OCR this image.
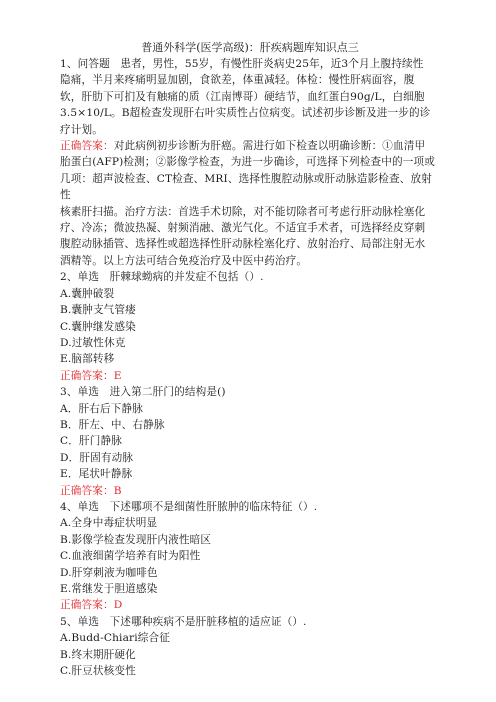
普通外科学(医学高级)：肝疾病题库知识点三
1、问答题   患者，男性，55岁，有慢性肝炎病史25年，近3个月上腹持续性
隐痛，半月来疼痛明显加剧，食欲差，体重减轻。体检：慢性肝病面容，腹
软，肝肋下可扪及有触痛的质（江南博哥）硬结节，血红蛋白90g/L，白细胞
3.5×10/L。B超检查发现肝右叶实质性占位病变。试述初步诊断及进一步的诊
疗计划。
正确答案：对此病例初步诊断为肝癌。需进行如下检查以明确诊断：①血清甲
胎蛋白(AFP)检测；②影像学检查，为进一步确诊，可选择下列检查中的一项或
几项：超声波检查、CT检查、MRI、选择性腹腔动脉或肝动脉造影检查、放射性
核素肝扫描。治疗方法：首选手术切除，对不能切除者可考虑行肝动脉栓塞化
疗、冷冻；微波热凝、射频消融、激光气化。不适宜手术者，可选择经皮穿刺
腹腔动脉插管、选择性或超选择性肝动脉栓塞化疗、放射治疗、局部注射无水
酒精等。以上方法可结合免疫治疗及中医中药治疗。
2、单选   肝棘球蚴病的并发症不包括（）.
A.囊肿破裂
B.囊肿支气管瘘
C.囊肿继发感染
D.过敏性休克
E.脑部转移
正确答案：E
3、单选   进入第二肝门的结构是()
A．肝右后下静脉
B．肝左、中、右静脉
C．肝门静脉
D．肝固有动脉
E．尾状叶静脉
正确答案：B
4、单选   下述哪项不是细菌性肝脓肿的临床特征（）.
A.全身中毒症状明显
B.影像学检查发现肝内液性暗区
C.血液细菌学培养有时为阳性
D.肝穿刺液为咖啡色
E.常继发于胆道感染
正确答案：D
5、单选   下述哪种疾病不是肝脏移植的适应证（）.
A.Budd-Chiari综合征
B.终末期肝硬化
C.肝豆状核变性
